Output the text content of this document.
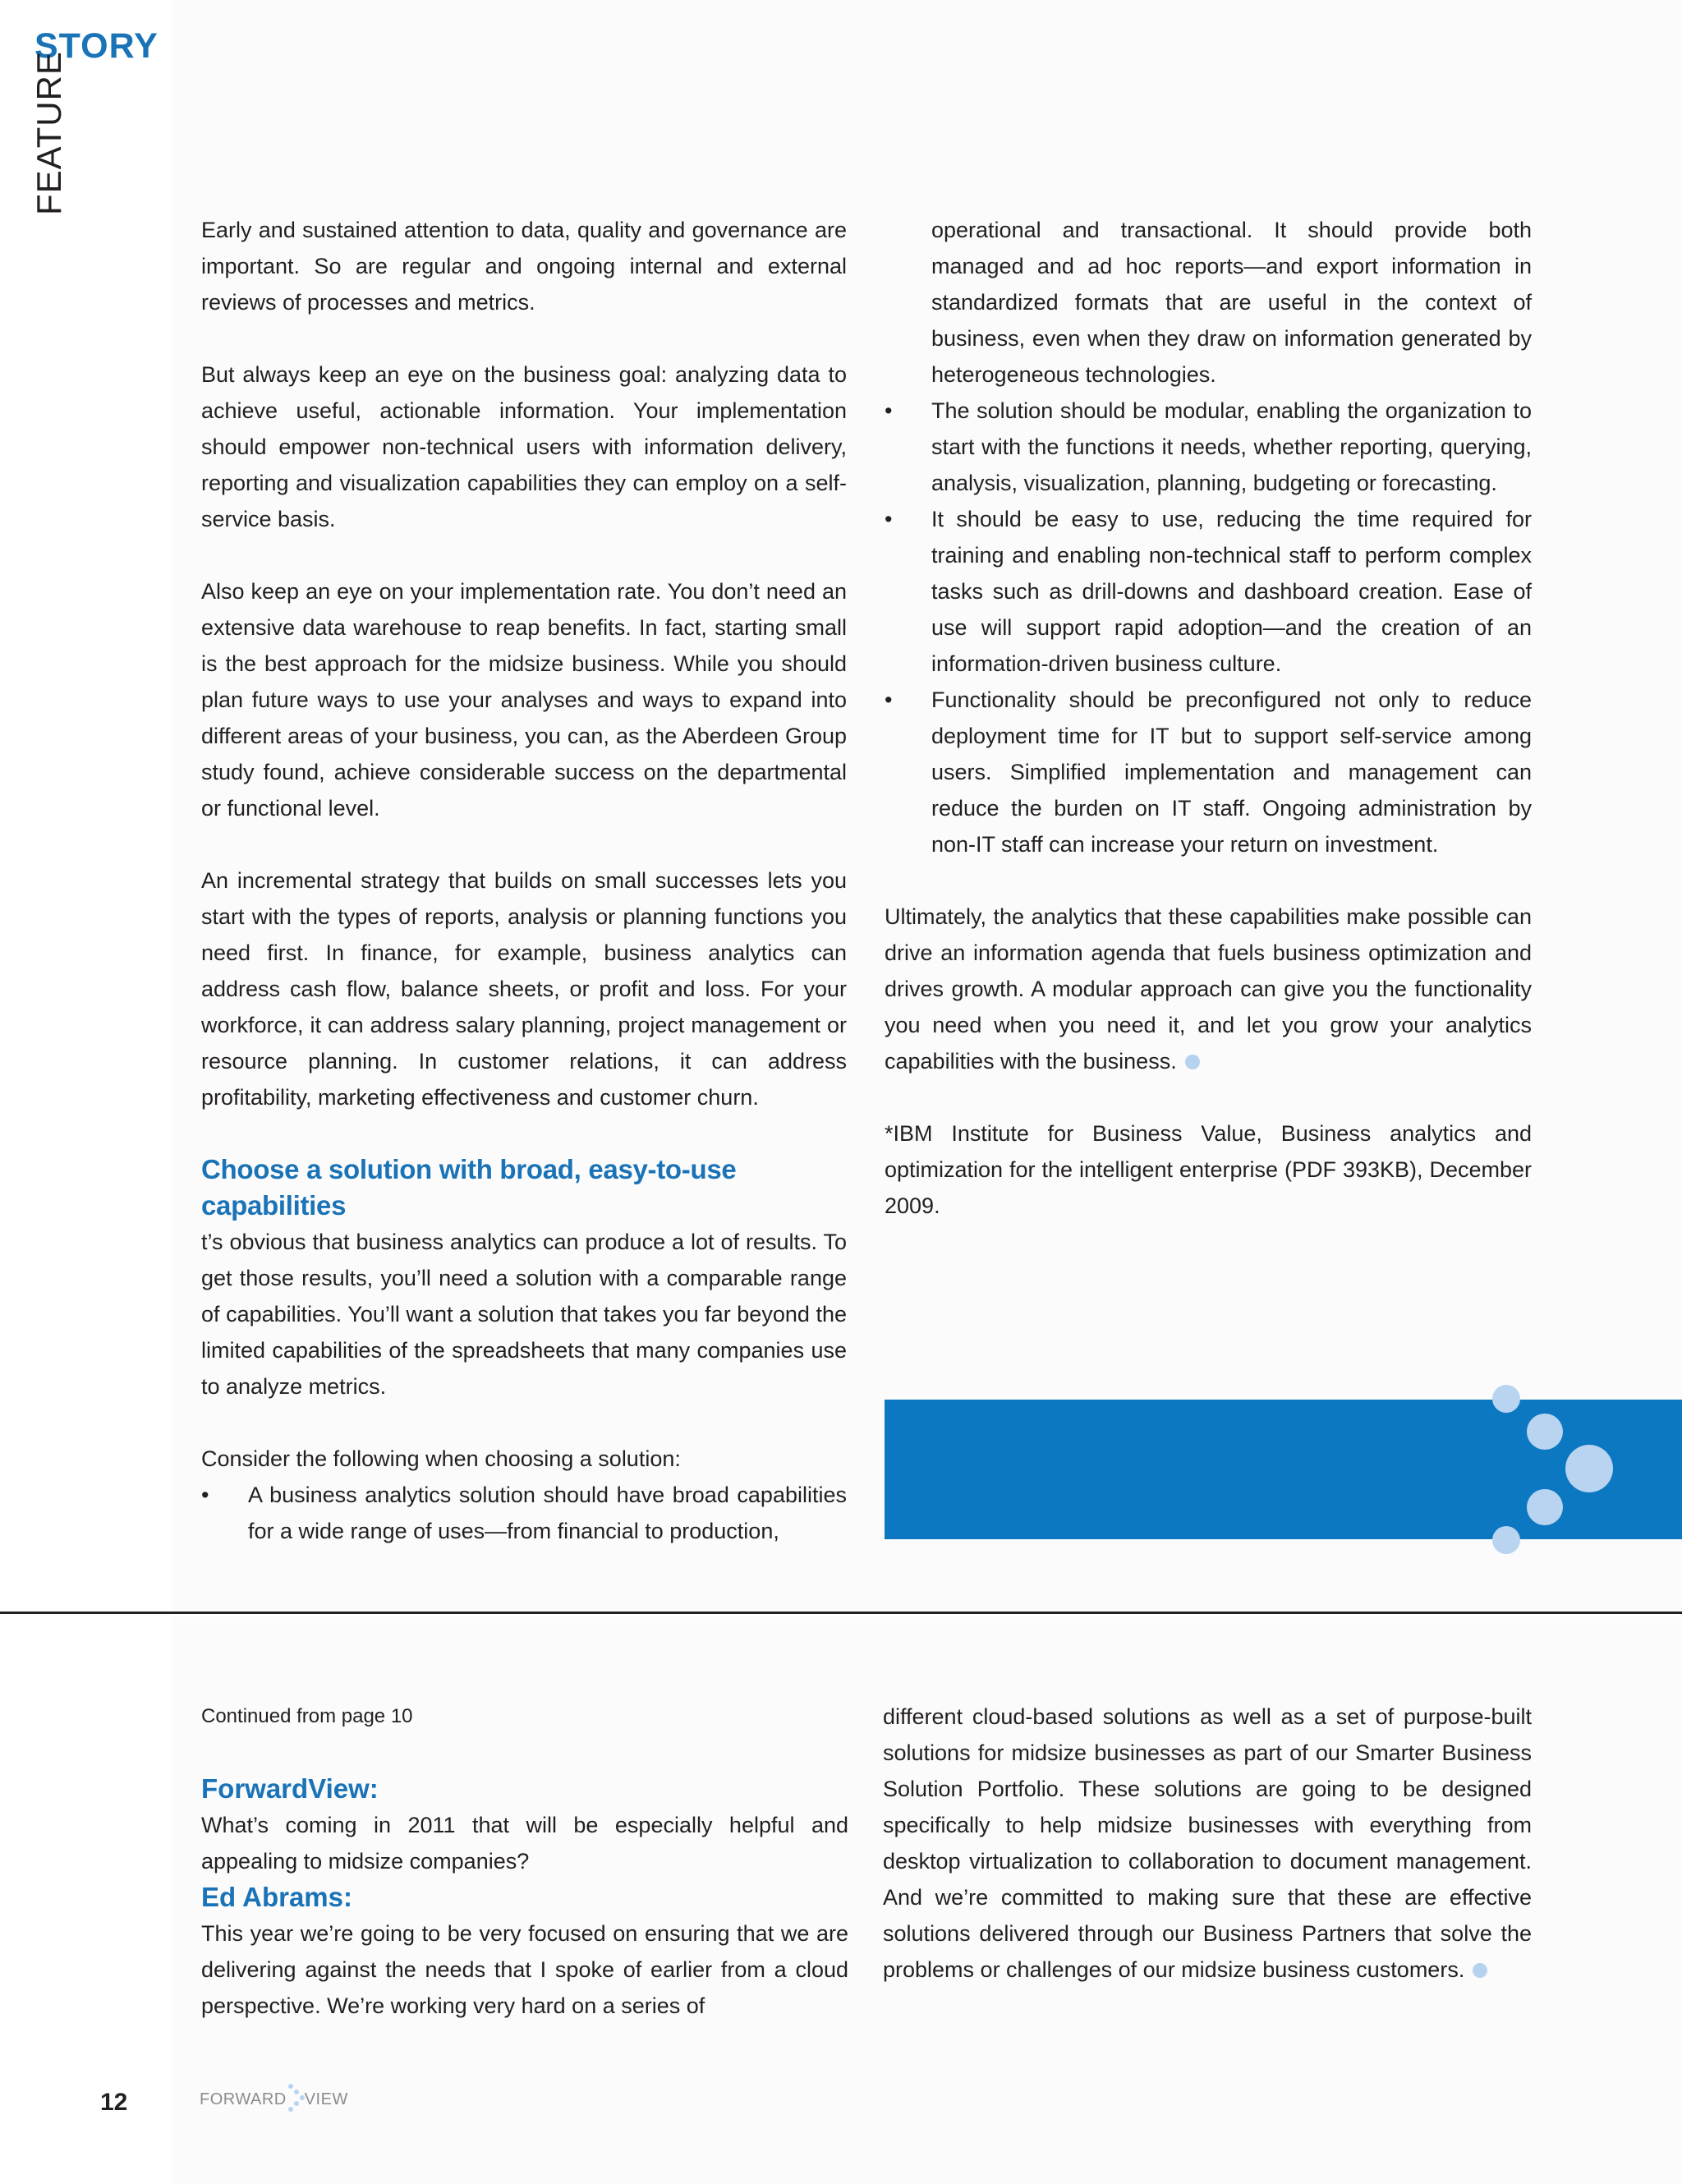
STORY
FEATURE

Early and sustained attention to data, quality and governance are important. So are regular and ongoing internal and external reviews of processes and metrics.

But always keep an eye on the business goal: analyzing data to achieve useful, actionable information. Your implementation should empower non-technical users with information delivery, reporting and visualization capabilities they can employ on a self-service basis.

Also keep an eye on your implementation rate. You don’t need an extensive data warehouse to reap benefits. In fact, starting small is the best approach for the midsize business. While you should plan future ways to use your analyses and ways to expand into different areas of your business, you can, as the Aberdeen Group study found, achieve considerable success on the departmental or functional level.

An incremental strategy that builds on small successes lets you start with the types of reports, analysis or planning functions you need first. In finance, for example, business analytics can address cash flow, balance sheets, or profit and loss. For your workforce, it can address salary planning, project management or resource planning. In customer relations, it can address profitability, marketing effectiveness and customer churn.

Choose a solution with broad, easy-to-use capabilities

t’s obvious that business analytics can produce a lot of results. To get those results, you’ll need a solution with a comparable range of capabilities. You’ll want a solution that takes you far beyond the limited capabilities of the spreadsheets that many companies use to analyze metrics.

Consider the following when choosing a solution:

• A business analytics solution should have broad capabilities for a wide range of uses—from financial to production,
operational and transactional. It should provide both managed and ad hoc reports—and export information in standardized formats that are useful in the context of business, even when they draw on information generated by heterogeneous technologies.
• The solution should be modular, enabling the organization to start with the functions it needs, whether reporting, querying, analysis, visualization, planning, budgeting or forecasting.
• It should be easy to use, reducing the time required for training and enabling non-technical staff to perform complex tasks such as drill-downs and dashboard creation. Ease of use will support rapid adoption—and the creation of an information-driven business culture.
• Functionality should be preconfigured not only to reduce deployment time for IT but to support self-service among users. Simplified implementation and management can reduce the burden on IT staff. Ongoing administration by non-IT staff can increase your return on investment.

Ultimately, the analytics that these capabilities make possible can drive an information agenda that fuels business optimization and drives growth. A modular approach can give you the functionality you need when you need it, and let you grow your analytics capabilities with the business.

*IBM Institute for Business Value, Business analytics and optimization for the intelligent enterprise (PDF 393KB), December 2009.

Continued from page 10

ForwardView:

What’s coming in 2011 that will be especially helpful and appealing to midsize companies?

Ed Abrams:

This year we’re going to be very focused on ensuring that we are delivering against the needs that I spoke of earlier from a cloud perspective. We’re working very hard on a series of

different cloud-based solutions as well as a set of purpose-built solutions for midsize businesses as part of our Smarter Business Solution Portfolio. These solutions are going to be designed specifically to help midsize businesses with everything from desktop virtualization to collaboration to document management. And we’re committed to making sure that these are effective solutions delivered through our Business Partners that solve the problems or challenges of our midsize business customers.

12	FORWARD VIEW
